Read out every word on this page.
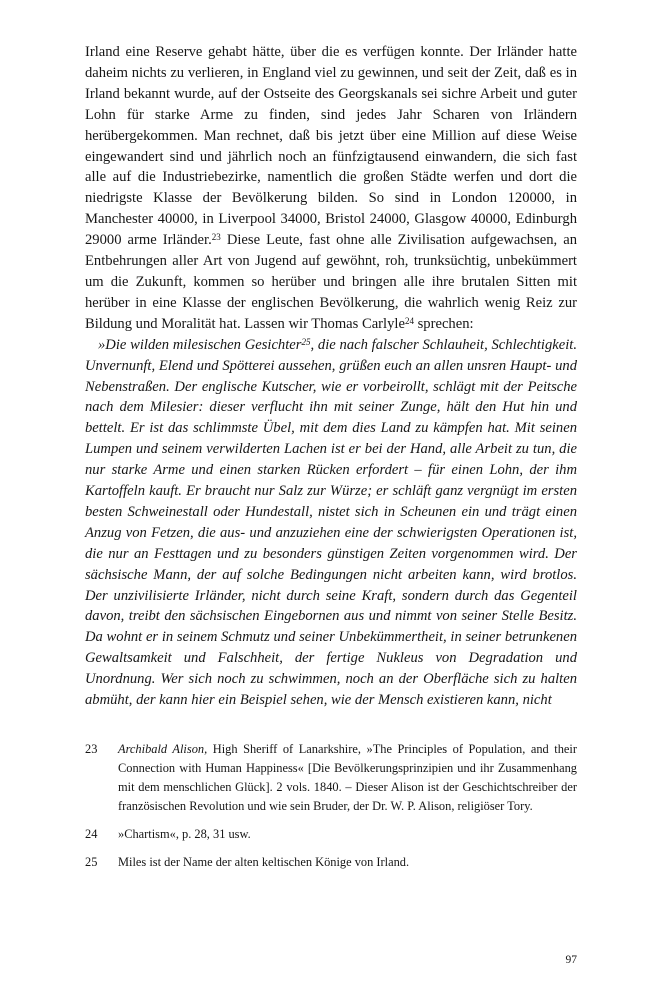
Irland eine Reserve gehabt hätte, über die es verfügen konnte. Der Irländer hatte daheim nichts zu verlieren, in England viel zu gewinnen, und seit der Zeit, daß es in Irland bekannt wurde, auf der Ostseite des Georgskanals sei sichre Arbeit und guter Lohn für starke Arme zu finden, sind jedes Jahr Scharen von Irländern herübergekommen. Man rechnet, daß bis jetzt über eine Million auf diese Weise eingewandert sind und jährlich noch an fünfzigtausend einwandern, die sich fast alle auf die Industriebezirke, namentlich die großen Städte werfen und dort die niedrigste Klasse der Bevölkerung bilden. So sind in London 120000, in Manchester 40000, in Liverpool 34000, Bristol 24000, Glasgow 40000, Edinburgh 29000 arme Irländer.$^{23}$ Diese Leute, fast ohne alle Zivilisation aufgewachsen, an Entbehrungen aller Art von Jugend auf gewöhnt, roh, trunksüchtig, unbekümmert um die Zukunft, kommen so herüber und bringen alle ihre brutalen Sitten mit herüber in eine Klasse der englischen Bevölkerung, die wahrlich wenig Reiz zur Bildung und Moralität hat. Lassen wir Thomas Carlyle$^{24}$ sprechen:

»Die wilden milesischen Gesichter$^{25}$, die nach falscher Schlauheit, Schlechtigkeit. Unvernunft, Elend und Spötterei aussehen, grüßen euch an allen unsren Haupt- und Nebenstraßen. Der englische Kutscher, wie er vorbeirollt, schlägt mit der Peitsche nach dem Milesier: dieser verflucht ihn mit seiner Zunge, hält den Hut hin und bettelt. Er ist das schlimmste Übel, mit dem dies Land zu kämpfen hat. Mit seinen Lumpen und seinem verwilderten Lachen ist er bei der Hand, alle Arbeit zu tun, die nur starke Arme und einen starken Rücken erfordert – für einen Lohn, der ihm Kartoffeln kauft. Er braucht nur Salz zur Würze; er schläft ganz vergnügt im ersten besten Schweinestall oder Hundestall, nistet sich in Scheunen ein und trägt einen Anzug von Fetzen, die aus- und anzuziehen eine der schwierigsten Operationen ist, die nur an Festtagen und zu besonders günstigen Zeiten vorgenommen wird. Der sächsische Mann, der auf solche Bedingungen nicht arbeiten kann, wird brotlos. Der unzivilisierte Irländer, nicht durch seine Kraft, sondern durch das Gegenteil davon, treibt den sächsischen Eingebornen aus und nimmt von seiner Stelle Besitz. Da wohnt er in seinem Schmutz und seiner Unbekümmertheit, in seiner betrunkenen Gewaltsamkeit und Falschheit, der fertige Nukleus von Degradation und Unordnung. Wer sich noch zu schwimmen, noch an der Oberfläche sich zu halten abmüht, der kann hier ein Beispiel sehen, wie der Mensch existieren kann, nicht

23	Archibald Alison, High Sheriff of Lanarkshire, »The Principles of Population, and their Connection with Human Happiness« [Die Bevölkerungsprinzipien und ihr Zusammenhang mit dem menschlichen Glück]. 2 vols. 1840. – Dieser Alison ist der Geschichtschreiber der französischen Revolution und wie sein Bruder, der Dr. W. P. Alison, religiöser Tory.
24	»Chartism«, p. 28, 31 usw.
25	Miles ist der Name der alten keltischen Könige von Irland.
97
